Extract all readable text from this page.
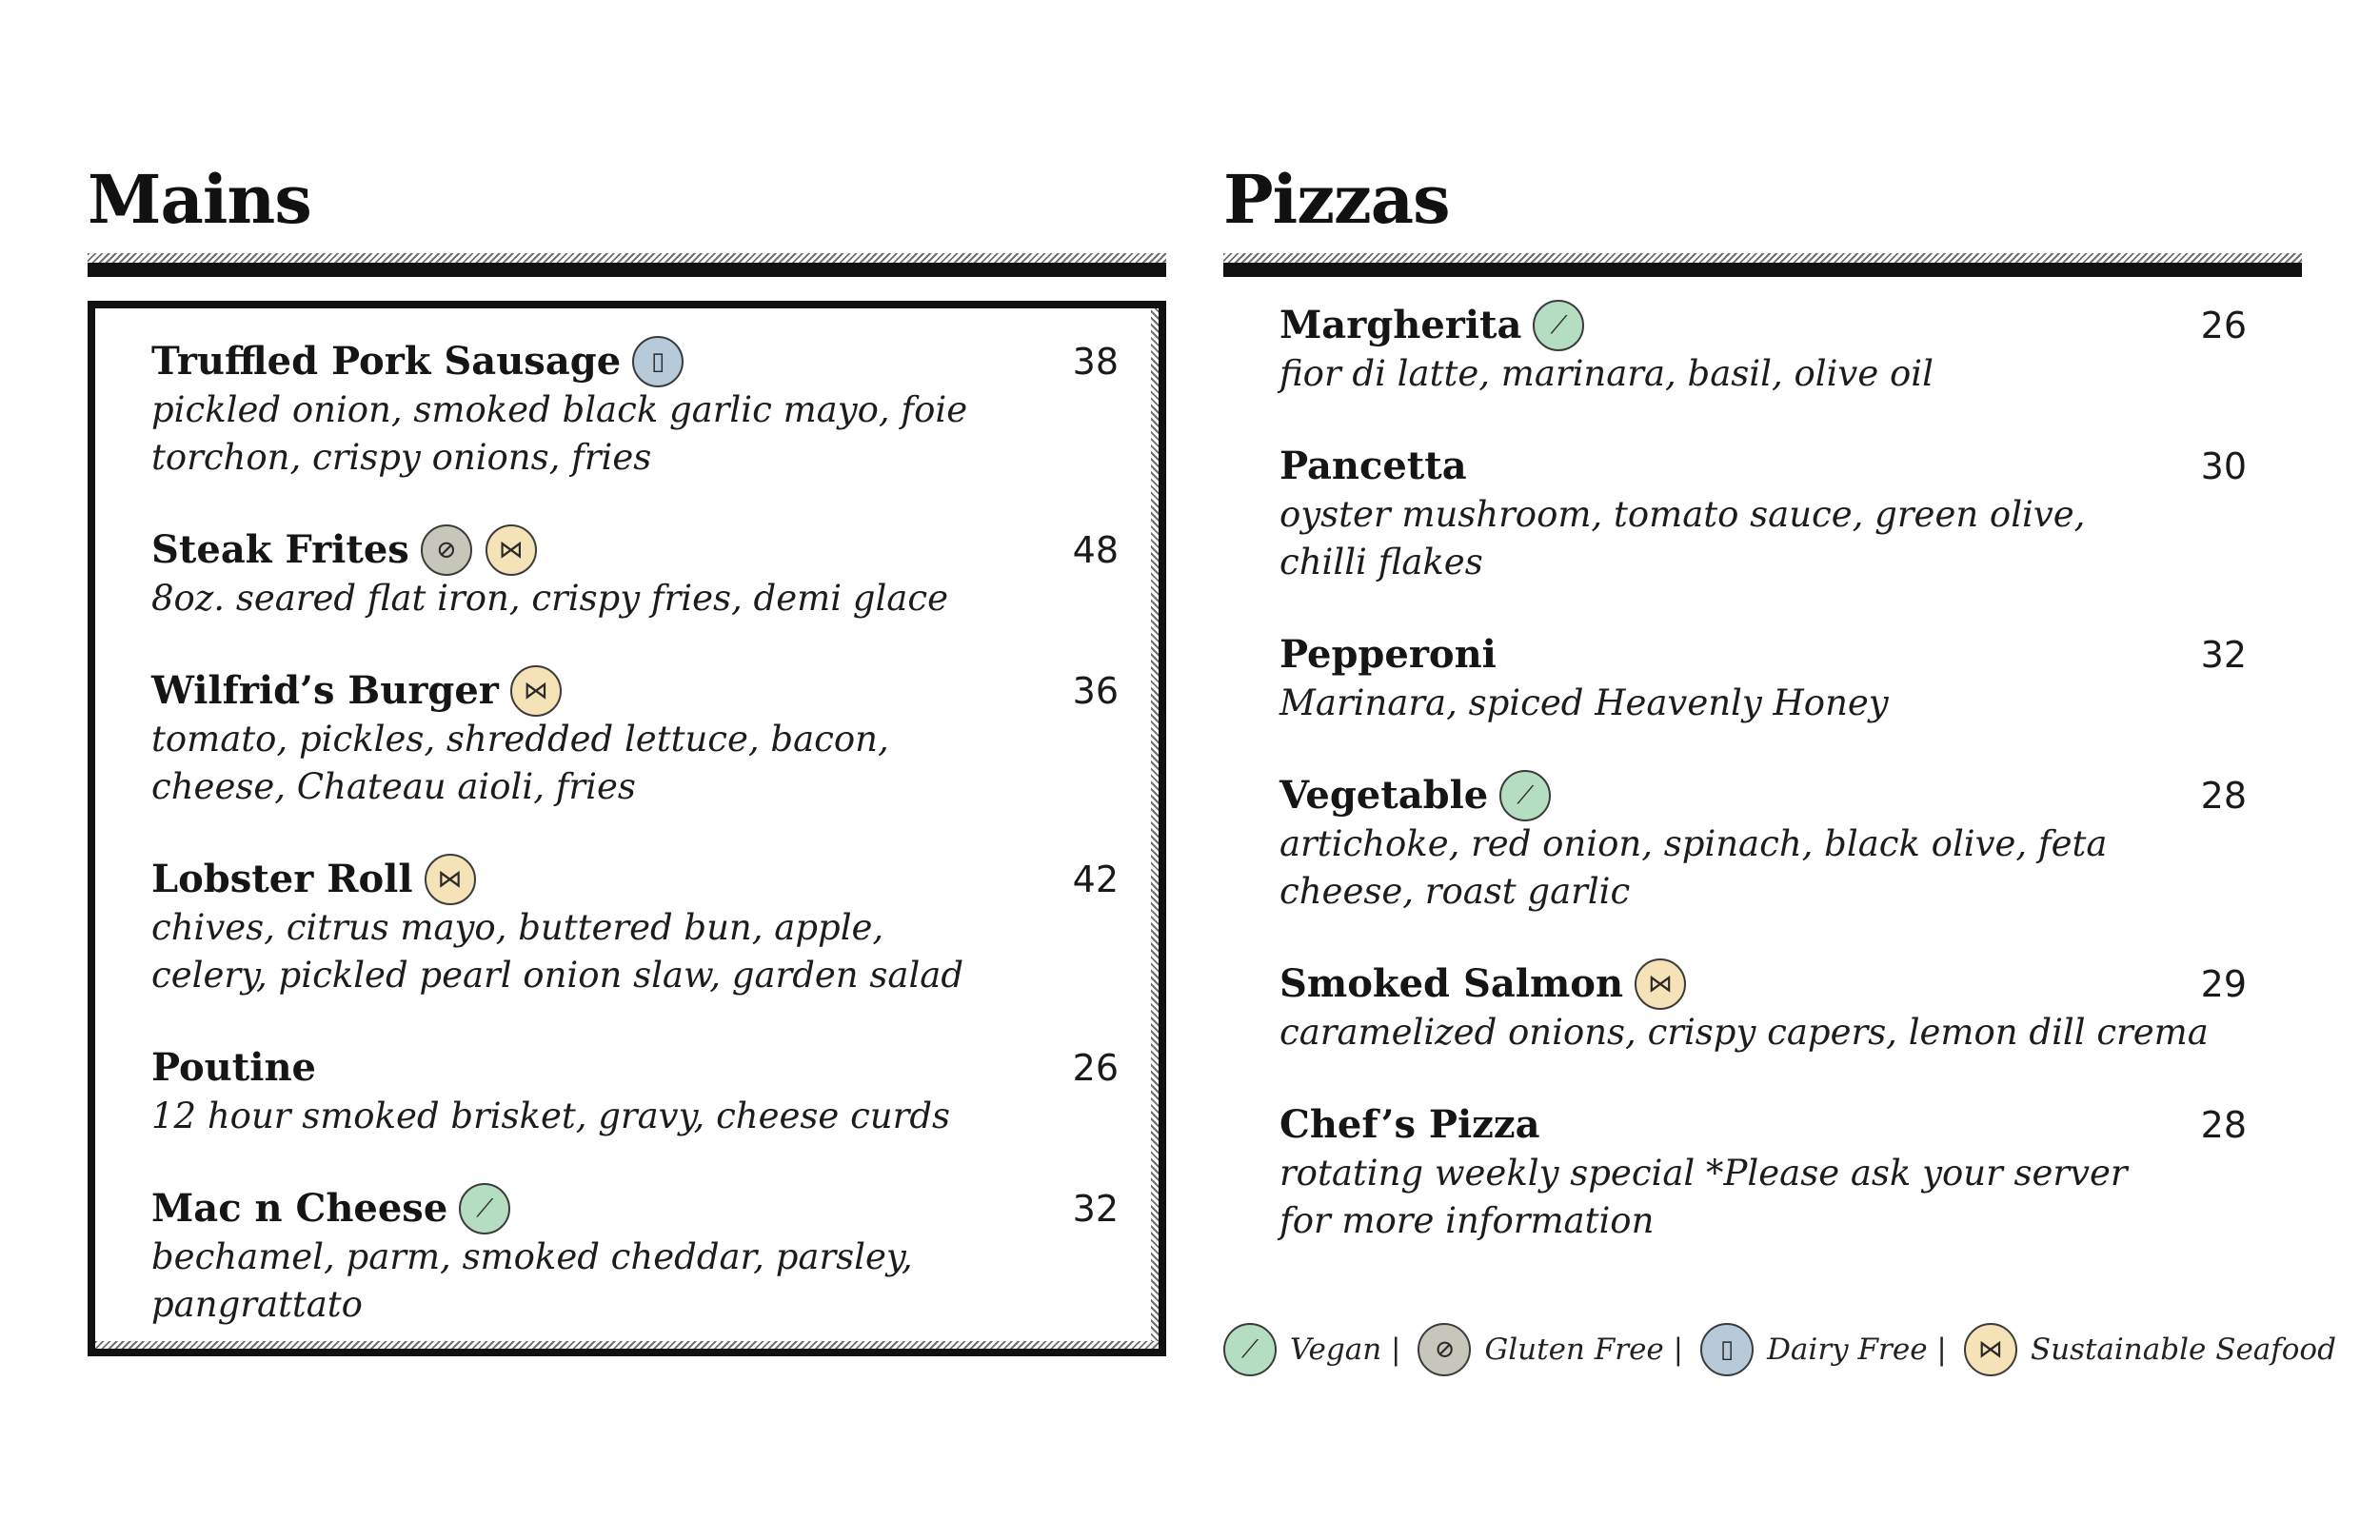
Mains
Truffled Pork Sausage	▯	38
pickled onion, smoked black garlic mayo, foie torchon, crispy onions, fries
Steak Frites	⊘	⋈	48
8oz. seared flat iron, crispy fries, demi glace
Wilfrid’s Burger	⋈	36
tomato, pickles, shredded lettuce, bacon, cheese, Chateau aioli, fries
Lobster Roll	⋈	42
chives, citrus mayo, buttered bun, apple, celery, pickled pearl onion slaw, garden salad
Poutine	26
12 hour smoked brisket, gravy, cheese curds
Mac n Cheese	⟋	32
bechamel, parm, smoked cheddar, parsley, pangrattato
Pizzas
Margherita	⟋	26
fior di latte, marinara, basil, olive oil
Pancetta	30
oyster mushroom, tomato sauce, green olive, chilli flakes
Pepperoni	32
Marinara, spiced Heavenly Honey
Vegetable	⟋	28
artichoke, red onion, spinach, black olive, feta cheese, roast garlic
Smoked Salmon	⋈	29
caramelized onions, crispy capers, lemon dill crema
Chef’s Pizza	28
rotating weekly special *Please ask your server for more information
⟋	Vegan |	⊘	Gluten Free |	▯	Dairy Free |	⋈ Sustainable Seafood
